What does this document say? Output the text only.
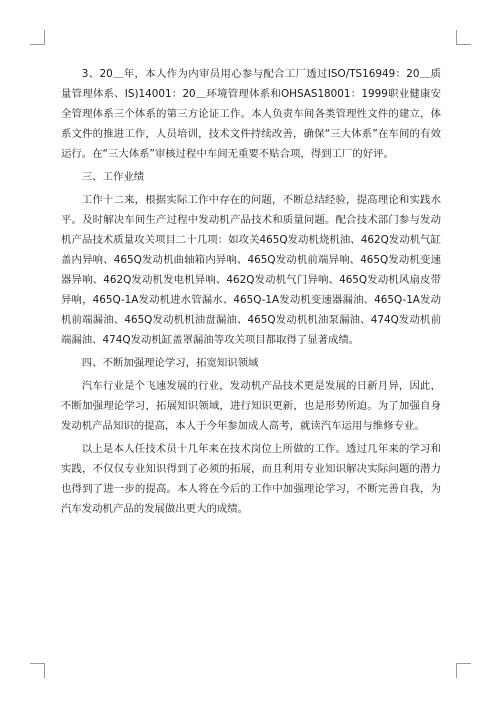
3、20＿年，本人作为内审员用心参与配合工厂透过ISO/TS16949：20＿质量管理体系、IS)14001：20＿环境管理体系和OHSAS18001：1999职业健康安全管理体系三个体系的第三方论证工作。本人负责车间各类管理性文件的建立，体系文件的推进工作，人员培训，技术文件持续改善，确保“三大体系”在车间的有效运行。在“三大体系”审核过程中车间无重要不贴合项，得到工厂的好评。

三、工作业绩

工作十二来，根据实际工作中存在的问题，不断总结经验，提高理论和实践水平。及时解决车间生产过程中发动机产品技术和质量问题。配合技术部门参与发动机产品技术质量攻关项目二十几项：如攻关465Q发动机烧机油、462Q发动机气缸盖内异响、465Q发动机曲轴箱内异响、465Q发动机前端异响、465Q发动机变速器异响、462Q发动机发电机异响、462Q发动机气门异响、465Q发动机风扇皮带异响，465Q-1A发动机进水管漏水、465Q-1A发动机变速器漏油、465Q-1A发动机前端漏油、465Q发动机机油盘漏油、465Q发动机机油泵漏油、474Q发动机前端漏油、474Q发动机缸盖罩漏油等攻关项目都取得了显著成绩。

四、不断加强理论学习，拓宽知识领域

汽车行业是个飞速发展的行业，发动机产品技术更是发展的日新月异，因此，不断加强理论学习，拓展知识领域，进行知识更新，也是形势所迫。为了加强自身发动机产品知识的提高，本人于今年参加成人高考，就读汽车运用与维修专业。

以上是本人任技术员十几年来在技术岗位上所做的工作。透过几年来的学习和实践，不仅仅专业知识得到了必须的拓展，而且利用专业知识解决实际问题的潜力也得到了进一步的提高。本人将在今后的工作中加强理论学习，不断完善自我，为汽车发动机产品的发展做出更大的成绩。
